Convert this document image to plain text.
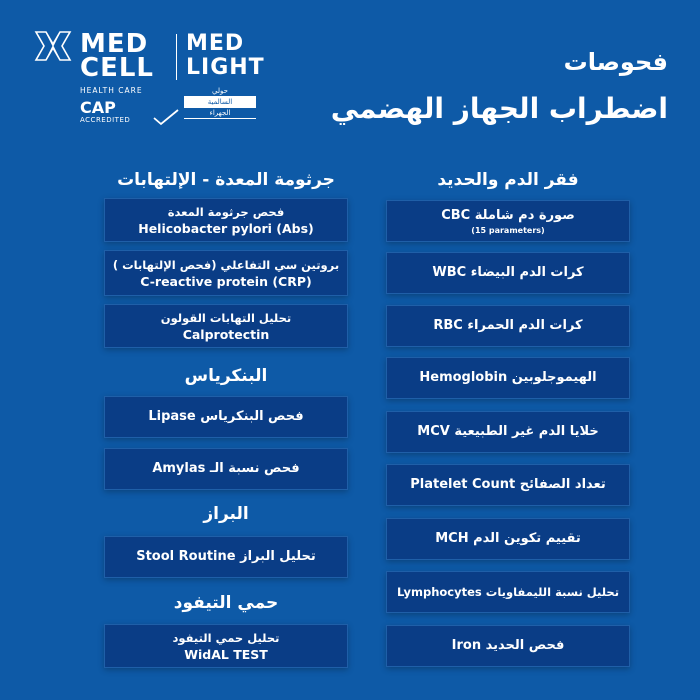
MED CELL
MED LIGHT
HEALTH CARE
CAP
ACCREDITED
حولي
السالمية
الجهراء
فحوصات
اضطراب الجهاز الهضمي
فقر الدم والحديد
صورة دم شاملة CBC
(15 parameters)
كرات الدم البيضاء WBC
كرات الدم الحمراء RBC
الهيموجلوبين Hemoglobin
خلايا الدم غير الطبيعية MCV
تعداد الصفائح Platelet Count
تقييم تكوين الدم MCH
تحليل نسبة الليمفاويات Lymphocytes
فحص الحديد Iron
جرثومة المعدة - الإلتهابات
فحص جرثومة المعدة
Helicobacter pylori (Abs)
بروتين سي التفاعلي (فحص الإلتهابات )
C-reactive protein (CRP)
تحليل التهابات القولون
Calprotectin
البنكرياس
فحص البنكرياس Lipase
فحص نسبة الـ Amylas
البراز
تحليل البراز Stool Routine
حمي التيفود
تحليل حمي التيفود
WidAL TEST
